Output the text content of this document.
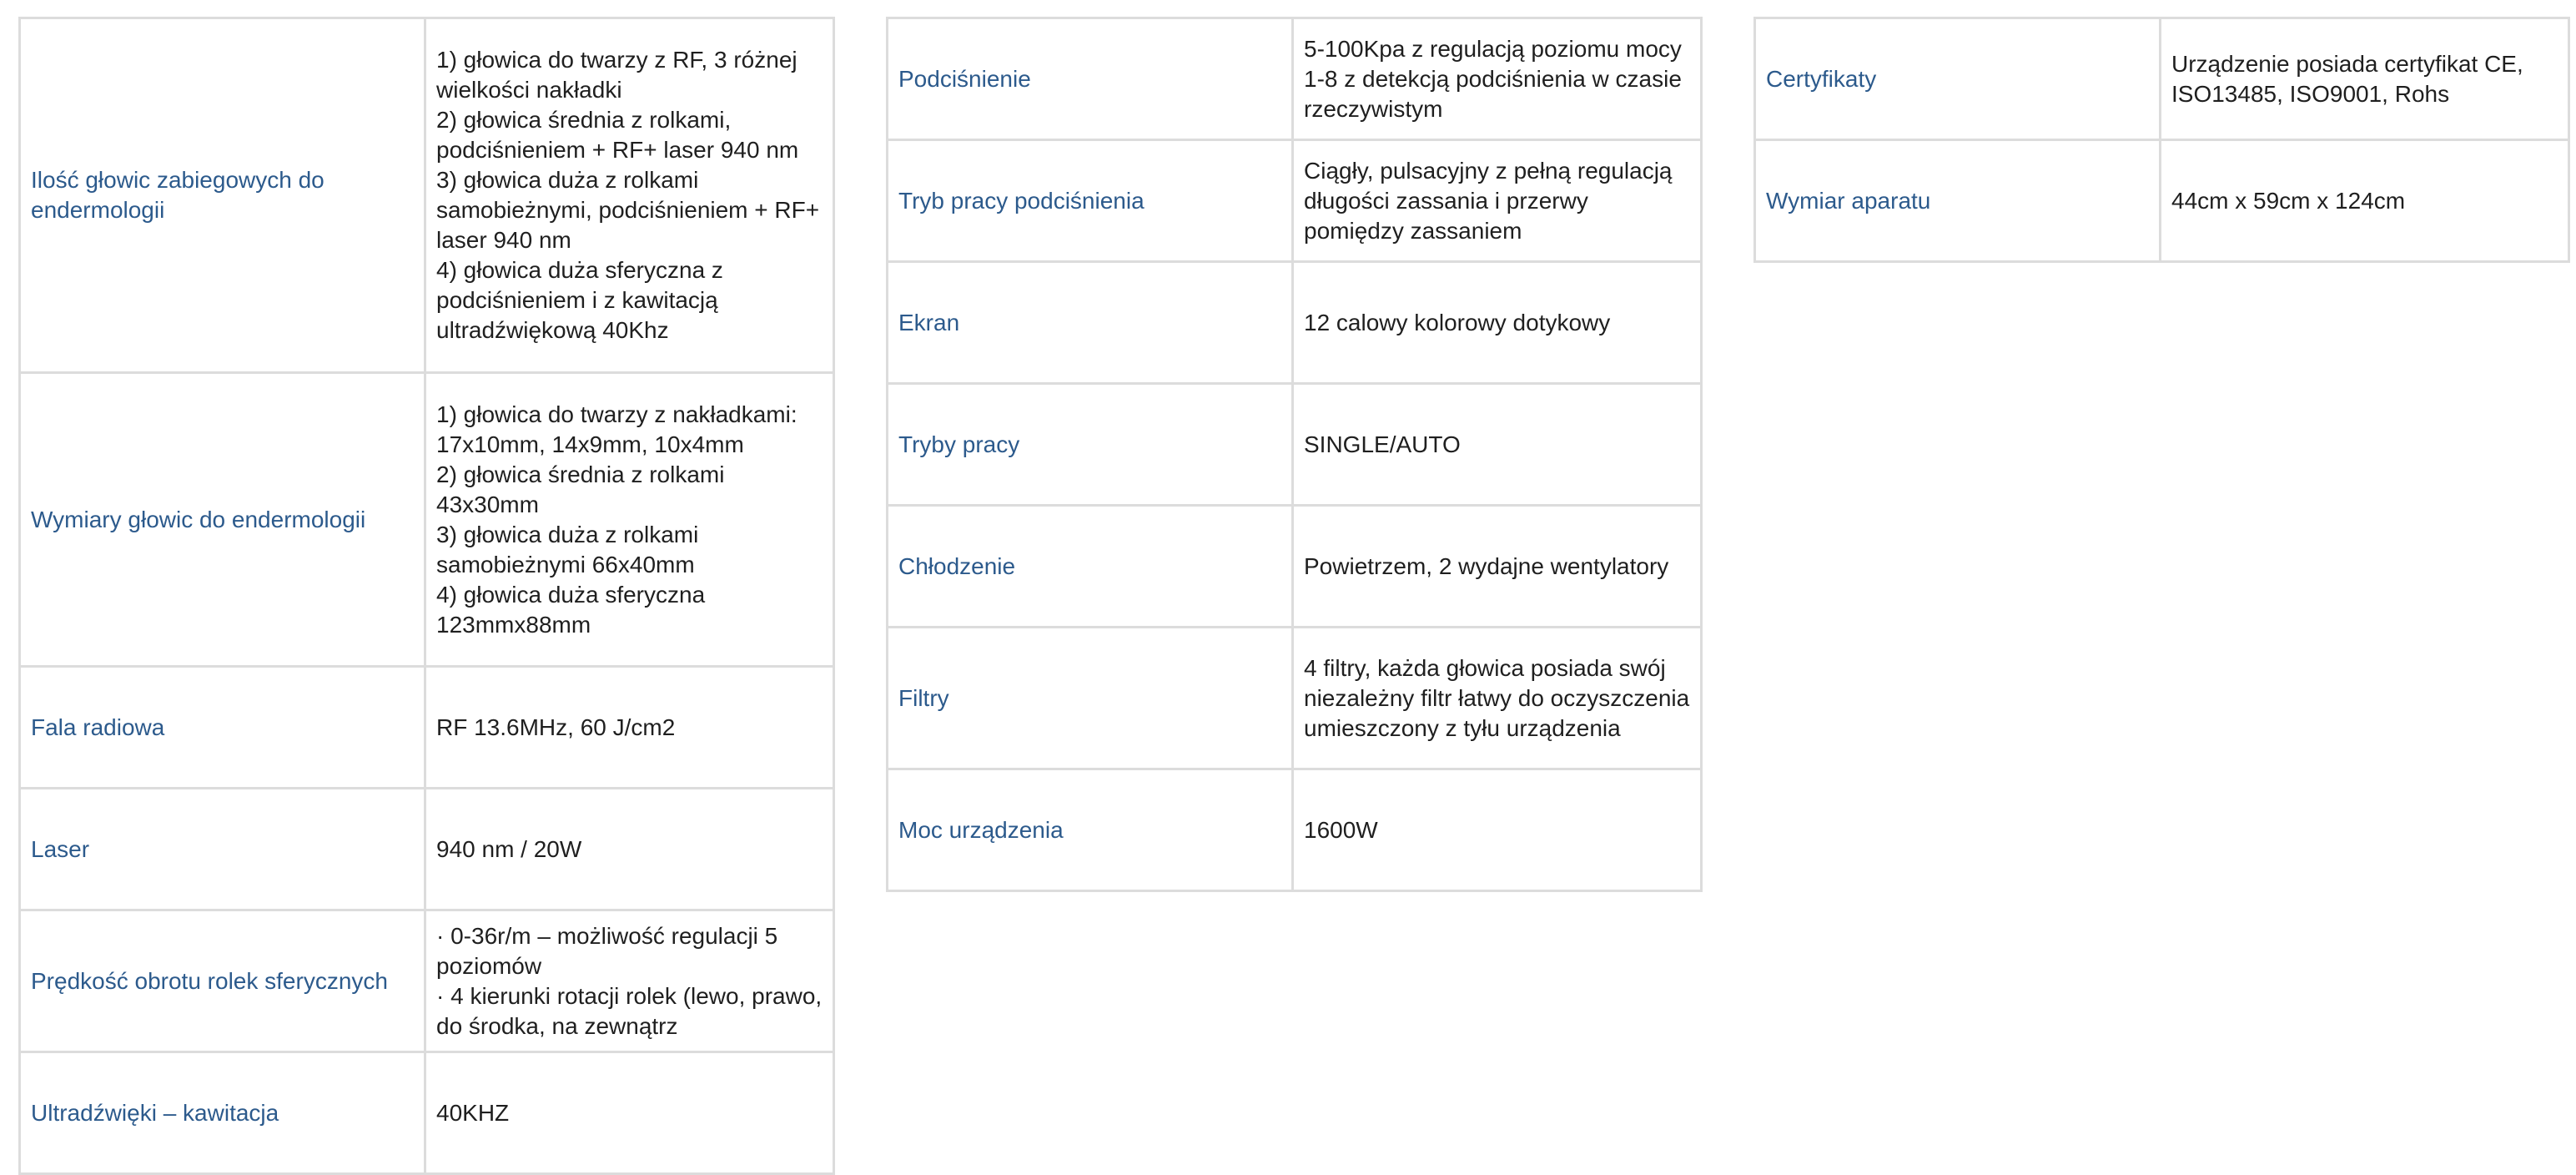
Ilość głowic zabiegowych do endermologii	1) głowica do twarzy z RF, 3 różnej wielkości nakładki
2) głowica średnia z rolkami, podciśnieniem + RF+ laser 940 nm
3) głowica duża z rolkami samobieżnymi, podciśnieniem + RF+ laser 940 nm
4) głowica duża sferyczna z podciśnieniem i z kawitacją ultradźwiękową 40Khz

Wymiary głowic do endermologii	1) głowica do twarzy z nakładkami: 17x10mm, 14x9mm, 10x4mm
2) głowica średnia z rolkami 43x30mm
3) głowica duża z rolkami samobieżnymi 66x40mm
4) głowica duża sferyczna 123mmx88mm

Fala radiowa	RF 13.6MHz, 60 J/cm2

Laser	940 nm / 20W

Prędkość obrotu rolek sferycznych	· 0-36r/m – możliwość regulacji 5 poziomów
· 4 kierunki rotacji rolek (lewo, prawo, do środka, na zewnątrz

Ultradźwięki – kawitacja	40KHZ
Podciśnienie	5-100Kpa z regulacją poziomu mocy 1-8 z detekcją podciśnienia w czasie rzeczywistym

Tryb pracy podciśnienia	Ciągły, pulsacyjny z pełną regulacją długości zassania i przerwy pomiędzy zassaniem

Ekran	12 calowy kolorowy dotykowy

Tryby pracy	SINGLE/AUTO

Chłodzenie	Powietrzem, 2 wydajne wentylatory

Filtry	4 filtry, każda głowica posiada swój niezależny filtr łatwy do oczyszczenia umieszczony z tyłu urządzenia

Moc urządzenia	1600W
Certyfikaty	Urządzenie posiada certyfikat CE, ISO13485, ISO9001, Rohs

Wymiar aparatu	44cm x 59cm x 124cm
